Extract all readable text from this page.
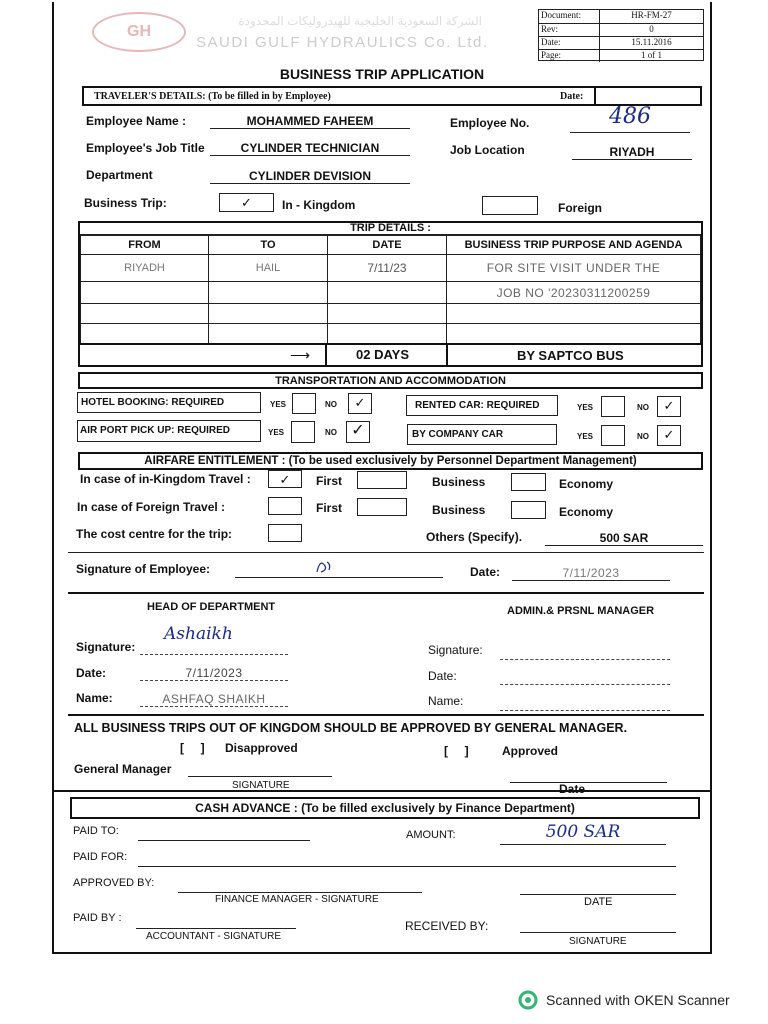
GH
الشركة السعودية الخليجية للهيدروليكات المحدودة
SAUDI GULF HYDRAULICS Co. Ltd.
Document:	HR-FM-27
Rev:	0
Date:	15.11.2016
Page:	1 of 1
BUSINESS TRIP APPLICATION
TRAVELER'S DETAILS: (To be filled in by Employee)	Date:
Employee Name :	MOHAMMED FAHEEM	Employee No.	486
Employee's Job Title	CYLINDER TECHNICIAN	Job Location	RIYADH
Department	CYLINDER DEVISION
Business Trip:	✓	In - Kingdom	Foreign
TRIP DETAILS :
FROM	TO	DATE	BUSINESS TRIP PURPOSE AND AGENDA
RIYADH	HAIL	7/11/23	FOR SITE VISIT UNDER THE
			JOB NO '20230311200259

⟶	02 DAYS	BY SAPTCO BUS
TRANSPORTATION AND ACCOMMODATION
HOTEL BOOKING: REQUIRED	YES	NO	✓	RENTED CAR: REQUIRED	YES	NO	✓
AIR PORT PICK UP: REQUIRED	YES	NO ✓	BY COMPANY CAR	YES	NO	✓
AIRFARE ENTITLEMENT : (To be used exclusively by Personnel Department Management)
In case of in-Kingdom Travel :	✓	First	Business	Economy
In case of Foreign Travel :	First	Business	Economy
The cost centre for the trip:	Others (Specify).	500 SAR
Signature of Employee:	Date:	7/11/2023
HEAD OF DEPARTMENT	ADMIN.& PRSNL MANAGER
Signature:
Ashaikh
Date:	7/11/2023
Name:	ASHFAQ SHAIKH
Signature:
Date:
Name:
ALL BUSINESS TRIPS OUT OF KINGDOM SHOULD BE APPROVED BY GENERAL MANAGER.
[     ] Disapproved	[     ]	Approved
General Manager
SIGNATURE	Date
CASH ADVANCE : (To be filled exclusively by Finance Department)
PAID TO:	AMOUNT:	500 SAR
PAID FOR:
APPROVED BY:
FINANCE MANAGER - SIGNATURE	DATE
PAID BY :
ACCOUNTANT - SIGNATURE
RECEIVED BY:
SIGNATURE
Scanned with OKEN Scanner
